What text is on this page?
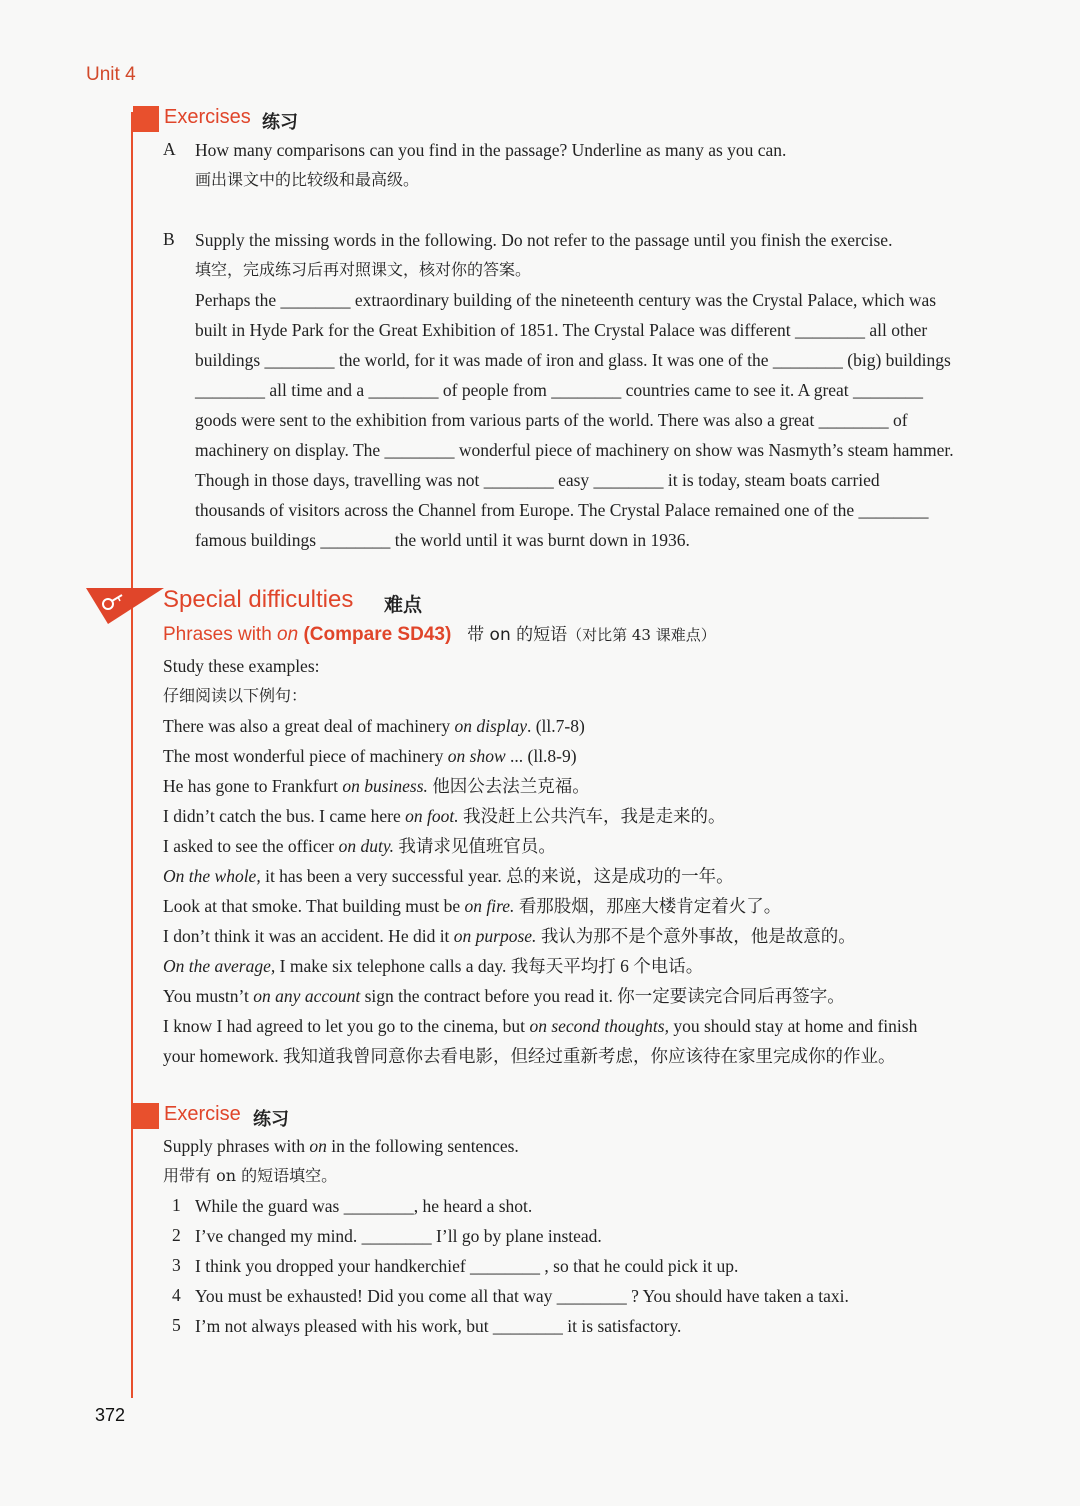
Unit 4
Exercises 练习
A How many comparisons can you find in the passage? Underline as many as you can.
画出课文中的比较级和最高级。
B Supply the missing words in the following. Do not refer to the passage until you finish the exercise.
填空，完成练习后再对照课文，核对你的答案。
Perhaps the ________ extraordinary building of the nineteenth century was the Crystal Palace, which was
built in Hyde Park for the Great Exhibition of 1851. The Crystal Palace was different ________ all other
buildings ________ the world, for it was made of iron and glass. It was one of the ________ (big) buildings
________ all time and a ________ of people from ________ countries came to see it. A great ________
goods were sent to the exhibition from various parts of the world. There was also a great ________ of
machinery on display. The ________ wonderful piece of machinery on show was Nasmyth’s steam hammer.
Though in those days, travelling was not ________ easy ________ it is today, steam boats carried
thousands of visitors across the Channel from Europe. The Crystal Palace remained one of the ________
famous buildings ________ the world until it was burnt down in 1936.
Special difficulties 难点
Phrases with on (Compare SD43) 带 on 的短语（对比第 43 课难点）
Study these examples:
仔细阅读以下例句：
There was also a great deal of machinery on display. (ll.7-8)
The most wonderful piece of machinery on show ... (ll.8-9)
He has gone to Frankfurt on business. 他因公去法兰克福。
I didn’t catch the bus. I came here on foot. 我没赶上公共汽车，我是走来的。
I asked to see the officer on duty. 我请求见值班官员。
On the whole, it has been a very successful year. 总的来说，这是成功的一年。
Look at that smoke. That building must be on fire. 看那股烟，那座大楼肯定着火了。
I don’t think it was an accident. He did it on purpose. 我认为那不是个意外事故，他是故意的。
On the average, I make six telephone calls a day. 我每天平均打 6 个电话。
You mustn’t on any account sign the contract before you read it. 你一定要读完合同后再签字。
I know I had agreed to let you go to the cinema, but on second thoughts, you should stay at home and finish
your homework. 我知道我曾同意你去看电影，但经过重新考虑，你应该待在家里完成你的作业。
Exercise 练习
Supply phrases with on in the following sentences.
用带有 on 的短语填空。
1 While the guard was ________, he heard a shot.
2 I’ve changed my mind. ________ I’ll go by plane instead.
3 I think you dropped your handkerchief ________ , so that he could pick it up.
4 You must be exhausted! Did you come all that way ________ ? You should have taken a taxi.
5 I’m not always pleased with his work, but ________ it is satisfactory.
372
